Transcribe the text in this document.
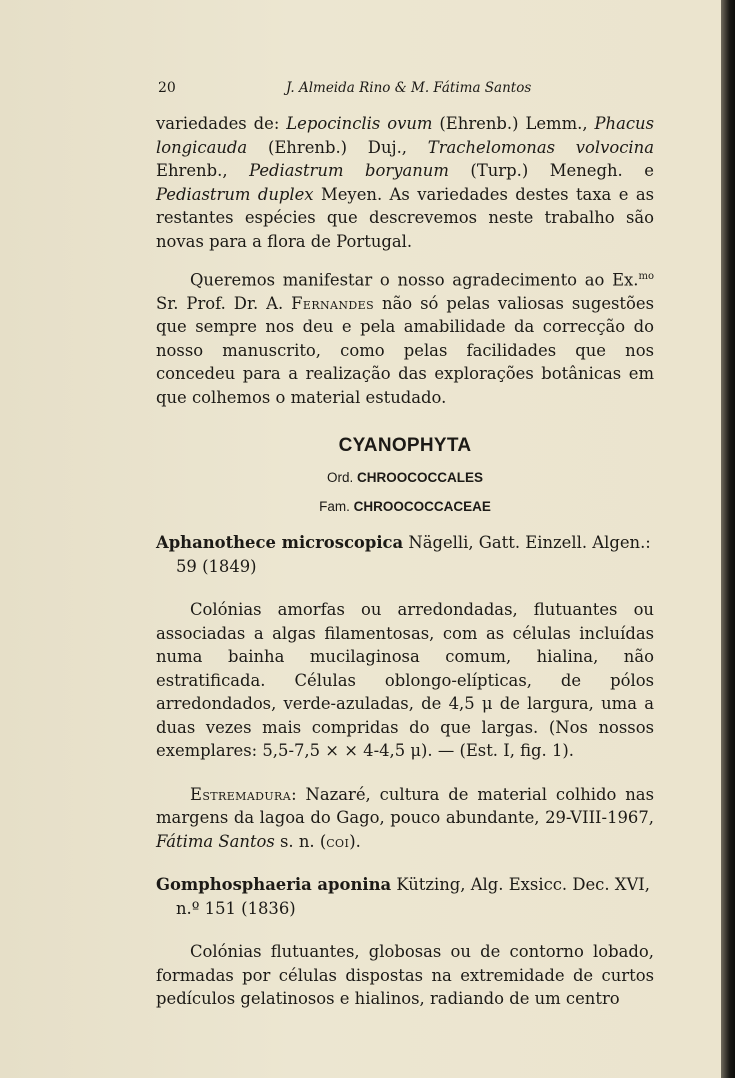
20	J. Almeida Rino & M. Fátima Santos

variedades de: Lepocinclis ovum (Ehrenb.) Lemm., Phacus longicauda (Ehrenb.) Duj., Trachelomonas volvocina Ehrenb., Pediastrum boryanum (Turp.) Menegh. e Pediastrum duplex Meyen. As variedades destes taxa e as restantes espécies que descrevemos neste trabalho são novas para a flora de Portugal.

Queremos manifestar o nosso agradecimento ao Ex.$^{mo}$ Sr. Prof. Dr. A. Fernandes não só pelas valiosas sugestões que sempre nos deu e pela amabilidade da correcção do nosso manuscrito, como pelas facilidades que nos concedeu para a realização das explorações botânicas em que colhemos o material estudado.

CYANOPHYTA

Ord. CHROOCOCCALES

Fam. CHROOCOCCACEAE

Aphanothece microscopica Nägelli, Gatt. Einzell. Algen.: 59 (1849)

Colónias amorfas ou arredondadas, flutuantes ou associadas a algas filamentosas, com as células incluídas numa bainha mucilaginosa comum, hialina, não estratificada. Células oblongo-elípticas, de pólos arredondados, verde-azuladas, de 4,5 μ de largura, uma a duas vezes mais compridas do que largas. (Nos nossos exemplares: 5,5-7,5 × × 4-4,5 μ). — (Est. I, fig. 1).

Estremadura: Nazaré, cultura de material colhido nas margens da lagoa do Gago, pouco abundante, 29-VIII-1967, Fátima Santos s. n. (coi).

Gomphosphaeria aponina Kützing, Alg. Exsicc. Dec. XVI, n.º 151 (1836)

Colónias flutuantes, globosas ou de contorno lobado, formadas por células dispostas na extremidade de curtos pedículos gelatinosos e hialinos, radiando de um centro
